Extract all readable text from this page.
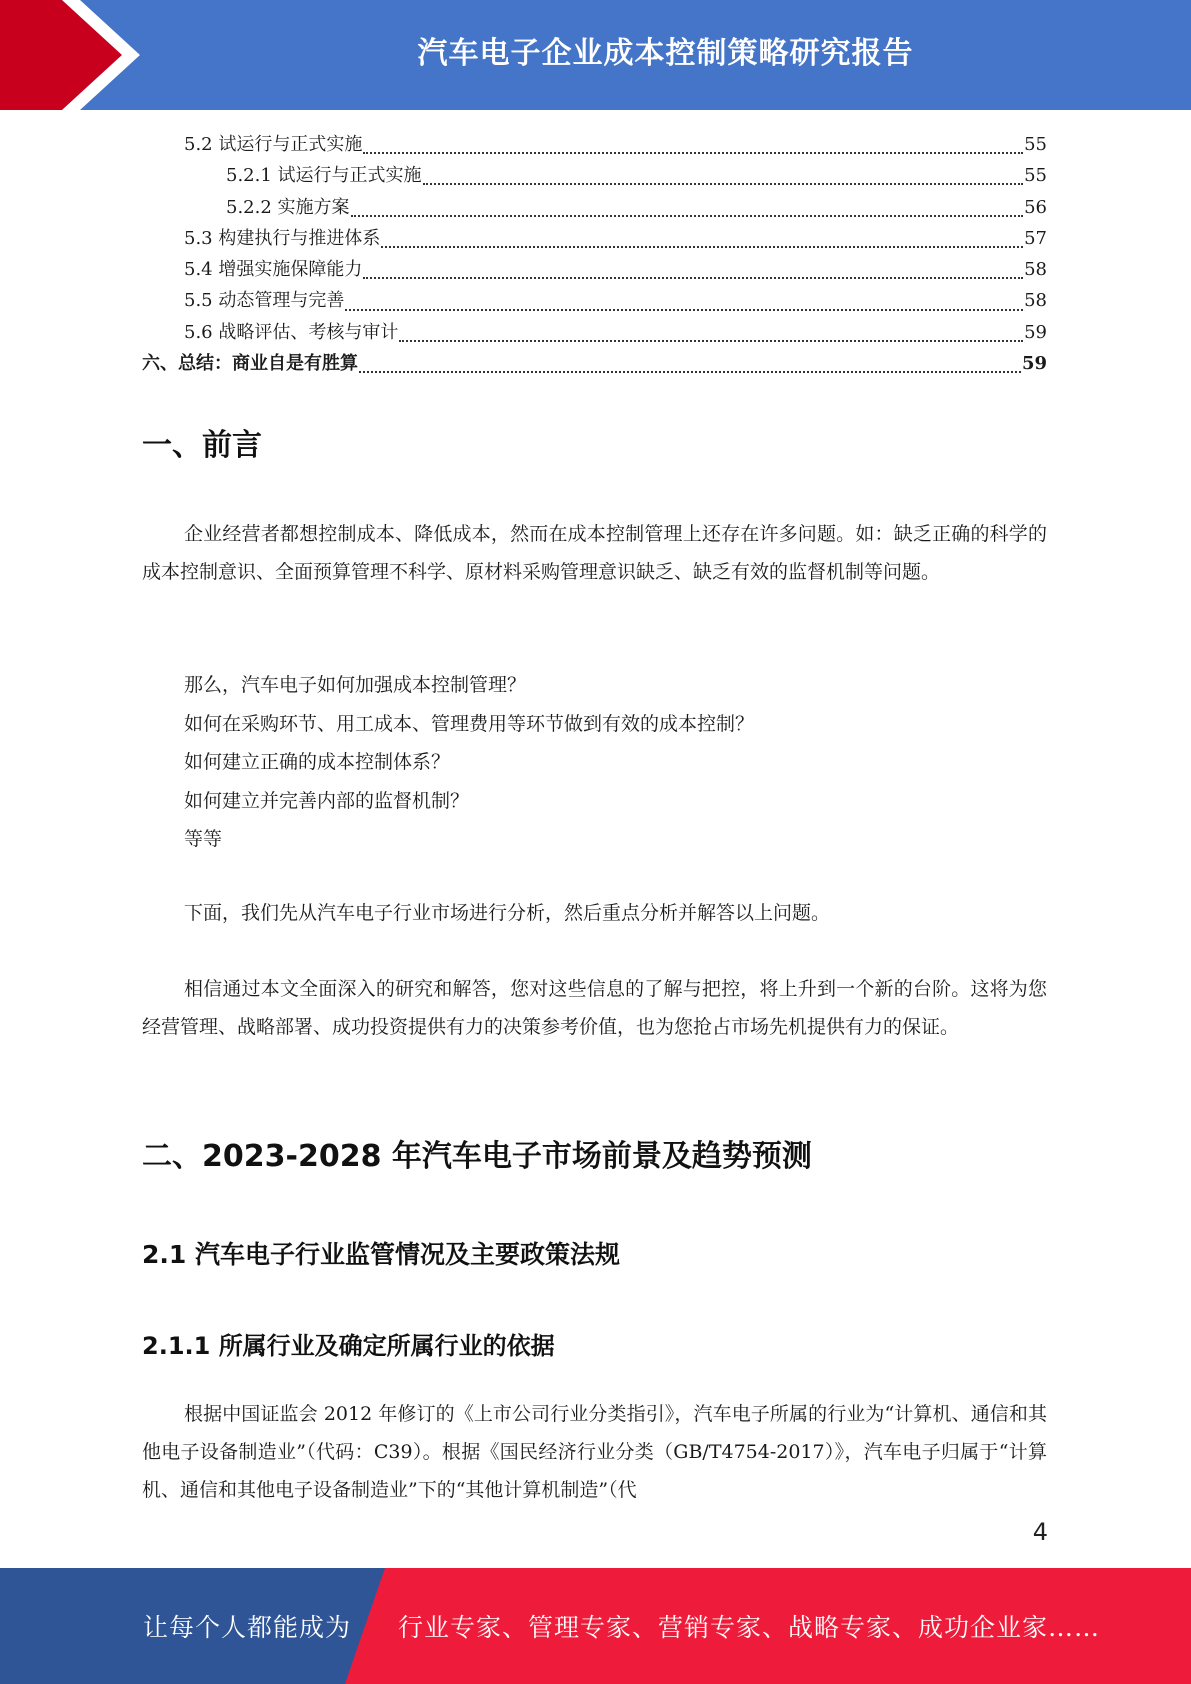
汽车电子企业成本控制策略研究报告
5.2 试运行与正式实施	55
5.2.1 试运行与正式实施	55
5.2.2 实施方案	56
5.3 构建执行与推进体系	57
5.4 增强实施保障能力	58
5.5 动态管理与完善	58
5.6 战略评估、考核与审计	59
六、总结：商业自是有胜算	59
一、前言

企业经营者都想控制成本、降低成本，然而在成本控制管理上还存在许多问题。如：缺乏正确的科学的成本控制意识、全面预算管理不科学、原材料采购管理意识缺乏、缺乏有效的监督机制等问题。

那么，汽车电子如何加强成本控制管理？
如何在采购环节、用工成本、管理费用等环节做到有效的成本控制？
如何建立正确的成本控制体系？
如何建立并完善内部的监督机制？
等等

下面，我们先从汽车电子行业市场进行分析，然后重点分析并解答以上问题。

相信通过本文全面深入的研究和解答，您对这些信息的了解与把控，将上升到一个新的台阶。这将为您经营管理、战略部署、成功投资提供有力的决策参考价值，也为您抢占市场先机提供有力的保证。

二、2023-2028 年汽车电子市场前景及趋势预测
2.1 汽车电子行业监管情况及主要政策法规
2.1.1 所属行业及确定所属行业的依据

根据中国证监会 2012 年修订的《上市公司行业分类指引》，汽车电子所属的行业为“计算机、通信和其他电子设备制造业”（代码：C39）。根据《国民经济行业分类（GB/T4754-2017）》，汽车电子归属于“计算机、通信和其他电子设备制造业”下的“其他计算机制造”（代

4
让每个人都能成为 行业专家、管理专家、营销专家、战略专家、成功企业家……
